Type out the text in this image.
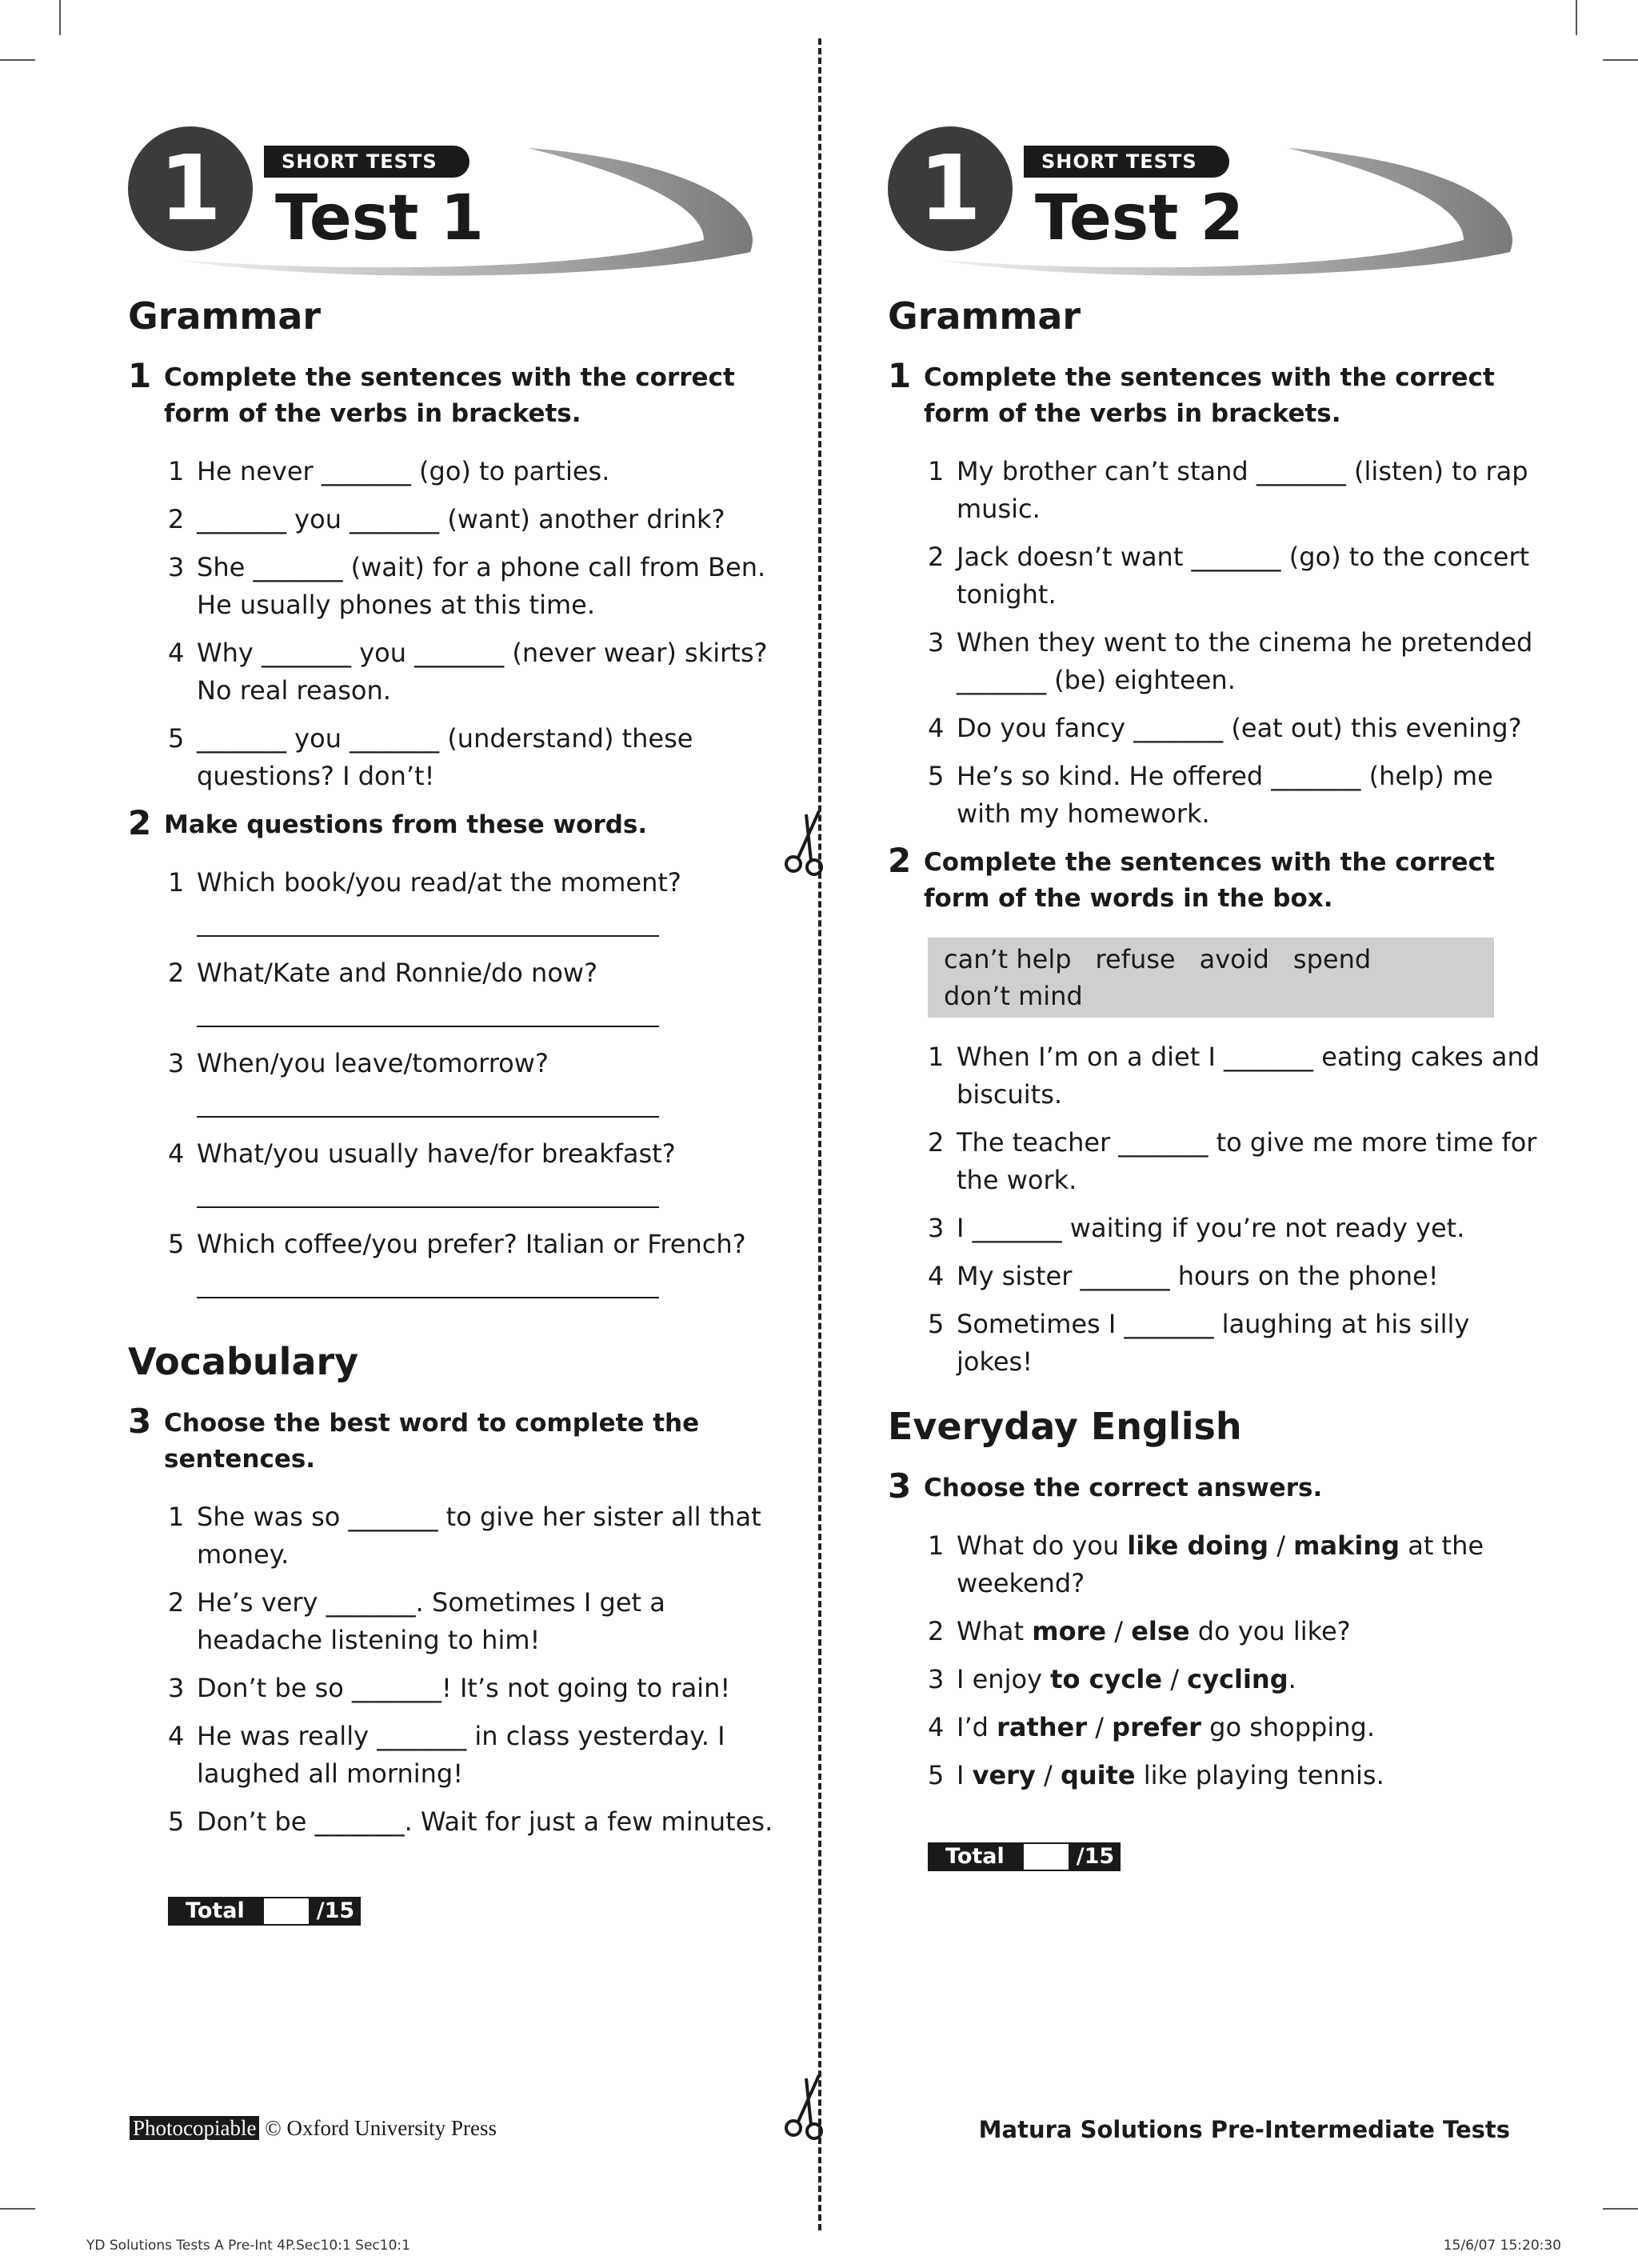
1	SHORT TESTS
Test 1
Grammar
1 Complete the sentences with the correct form of the verbs in brackets.
1 He never _______ (go) to parties.
2 _______ you _______ (want) another drink?
3 She _______ (wait) for a phone call from Ben. He usually phones at this time.
4 Why _______ you _______ (never wear) skirts? No real reason.
5 _______ you _______ (understand) these questions? I don’t!
2 Make questions from these words.
1 Which book/you read/at the moment?
2 What/Kate and Ronnie/do now?
3 When/you leave/tomorrow?
4 What/you usually have/for breakfast?
5 Which coffee/you prefer? Italian or French?
Vocabulary
3 Choose the best word to complete the sentences.
1 She was so _______ to give her sister all that money.
2 He’s very _______. Sometimes I get a headache listening to him!
3 Don’t be so _______! It’s not going to rain!
4 He was really _______ in class yesterday. I laughed all morning!
5 Don’t be _______. Wait for just a few minutes.
Total	/15
1	SHORT TESTS
Test 2
Grammar
1 Complete the sentences with the correct form of the verbs in brackets.
1 My brother can’t stand _______ (listen) to rap music.
2 Jack doesn’t want _______ (go) to the concert tonight.
3 When they went to the cinema he pretended _______ (be) eighteen.
4 Do you fancy _______ (eat out) this evening?
5 He’s so kind. He offered _______ (help) me with my homework.
2 Complete the sentences with the correct form of the words in the box.
can’t help refuse avoid spend
don’t mind
1 When I’m on a diet I _______ eating cakes and biscuits.
2 The teacher _______ to give me more time for the work.
3 I _______ waiting if you’re not ready yet.
4 My sister _______ hours on the phone!
5 Sometimes I _______ laughing at his silly jokes!
Everyday English
3 Choose the correct answers.
1 What do you like doing / making at the weekend?
2 What more / else do you like?
3 I enjoy to cycle / cycling.
4 I’d rather / prefer go shopping.
5 I very / quite like playing tennis.
Total	/15
Photocopiable © Oxford University Press	Matura Solutions Pre-Intermediate Tests
YD Solutions Tests A Pre-Int 4P.Sec10:1 Sec10:1	15/6/07 15:20:30
